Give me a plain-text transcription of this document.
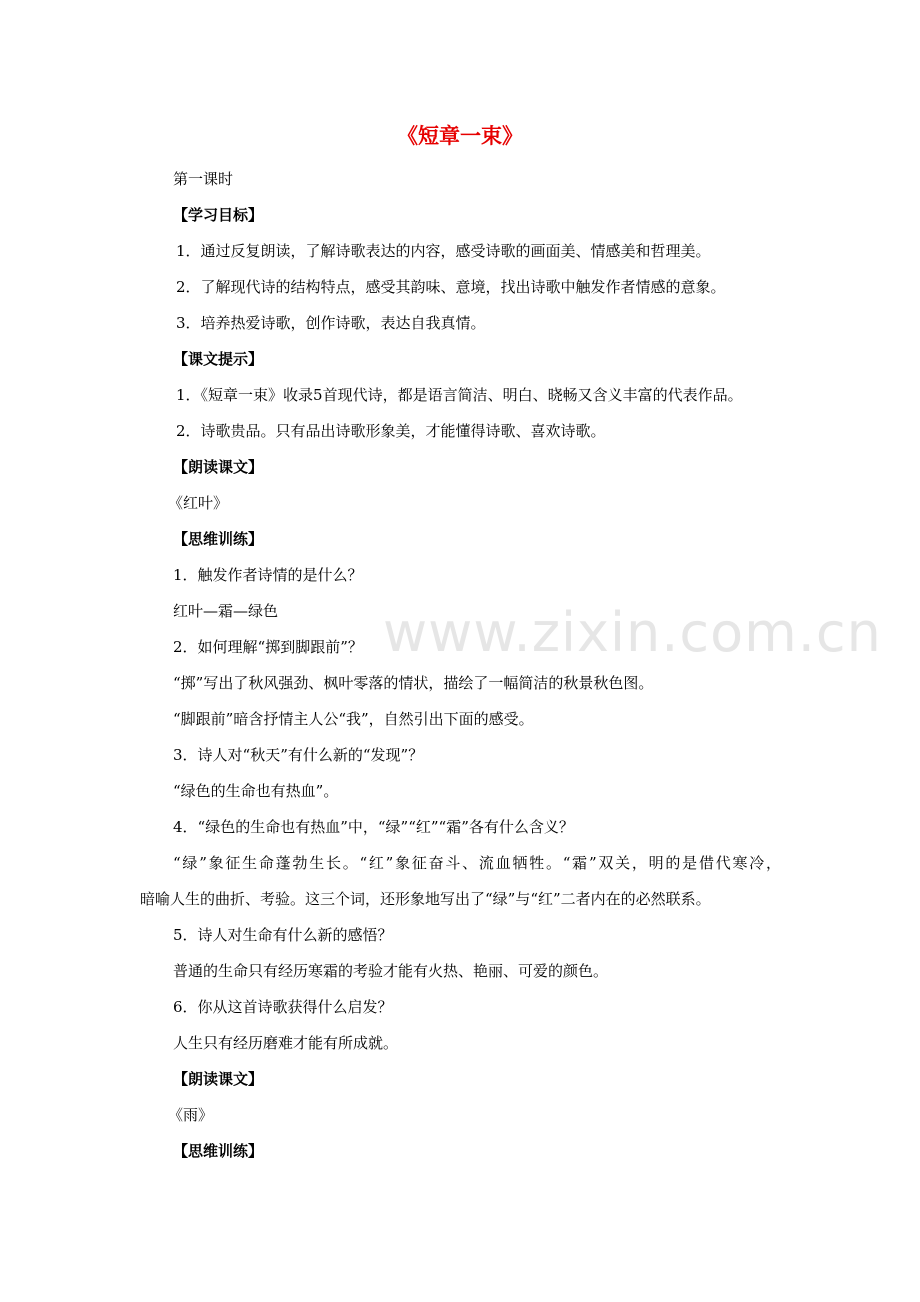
www.zixin.com.cn
《短章一束》
第一课时
【学习目标】
1．通过反复朗读，了解诗歌表达的内容，感受诗歌的画面美、情感美和哲理美。
2．了解现代诗的结构特点，感受其韵味、意境，找出诗歌中触发作者情感的意象。
3．培养热爱诗歌，创作诗歌，表达自我真情。
【课文提示】
1．《短章一束》收录5首现代诗，都是语言简洁、明白、晓畅又含义丰富的代表作品。
2．诗歌贵品。只有品出诗歌形象美，才能懂得诗歌、喜欢诗歌。
【朗读课文】
《红叶》
【思维训练】
1．触发作者诗情的是什么？
红叶—霜—绿色
2．如何理解“掷到脚跟前”？
“掷”写出了秋风强劲、枫叶零落的情状，描绘了一幅简洁的秋景秋色图。
“脚跟前”暗含抒情主人公“我”，自然引出下面的感受。
3．诗人对“秋天”有什么新的“发现”？
“绿色的生命也有热血”。
4．“绿色的生命也有热血”中，“绿”“红”“霜”各有什么含义？
“绿”象征生命蓬勃生长。“红”象征奋斗、流血牺牲。“霜”双关，明的是借代寒冷，
暗喻人生的曲折、考验。这三个词，还形象地写出了“绿”与“红”二者内在的必然联系。
5．诗人对生命有什么新的感悟？
普通的生命只有经历寒霜的考验才能有火热、艳丽、可爱的颜色。
6．你从这首诗歌获得什么启发？
人生只有经历磨难才能有所成就。
【朗读课文】
《雨》
【思维训练】
